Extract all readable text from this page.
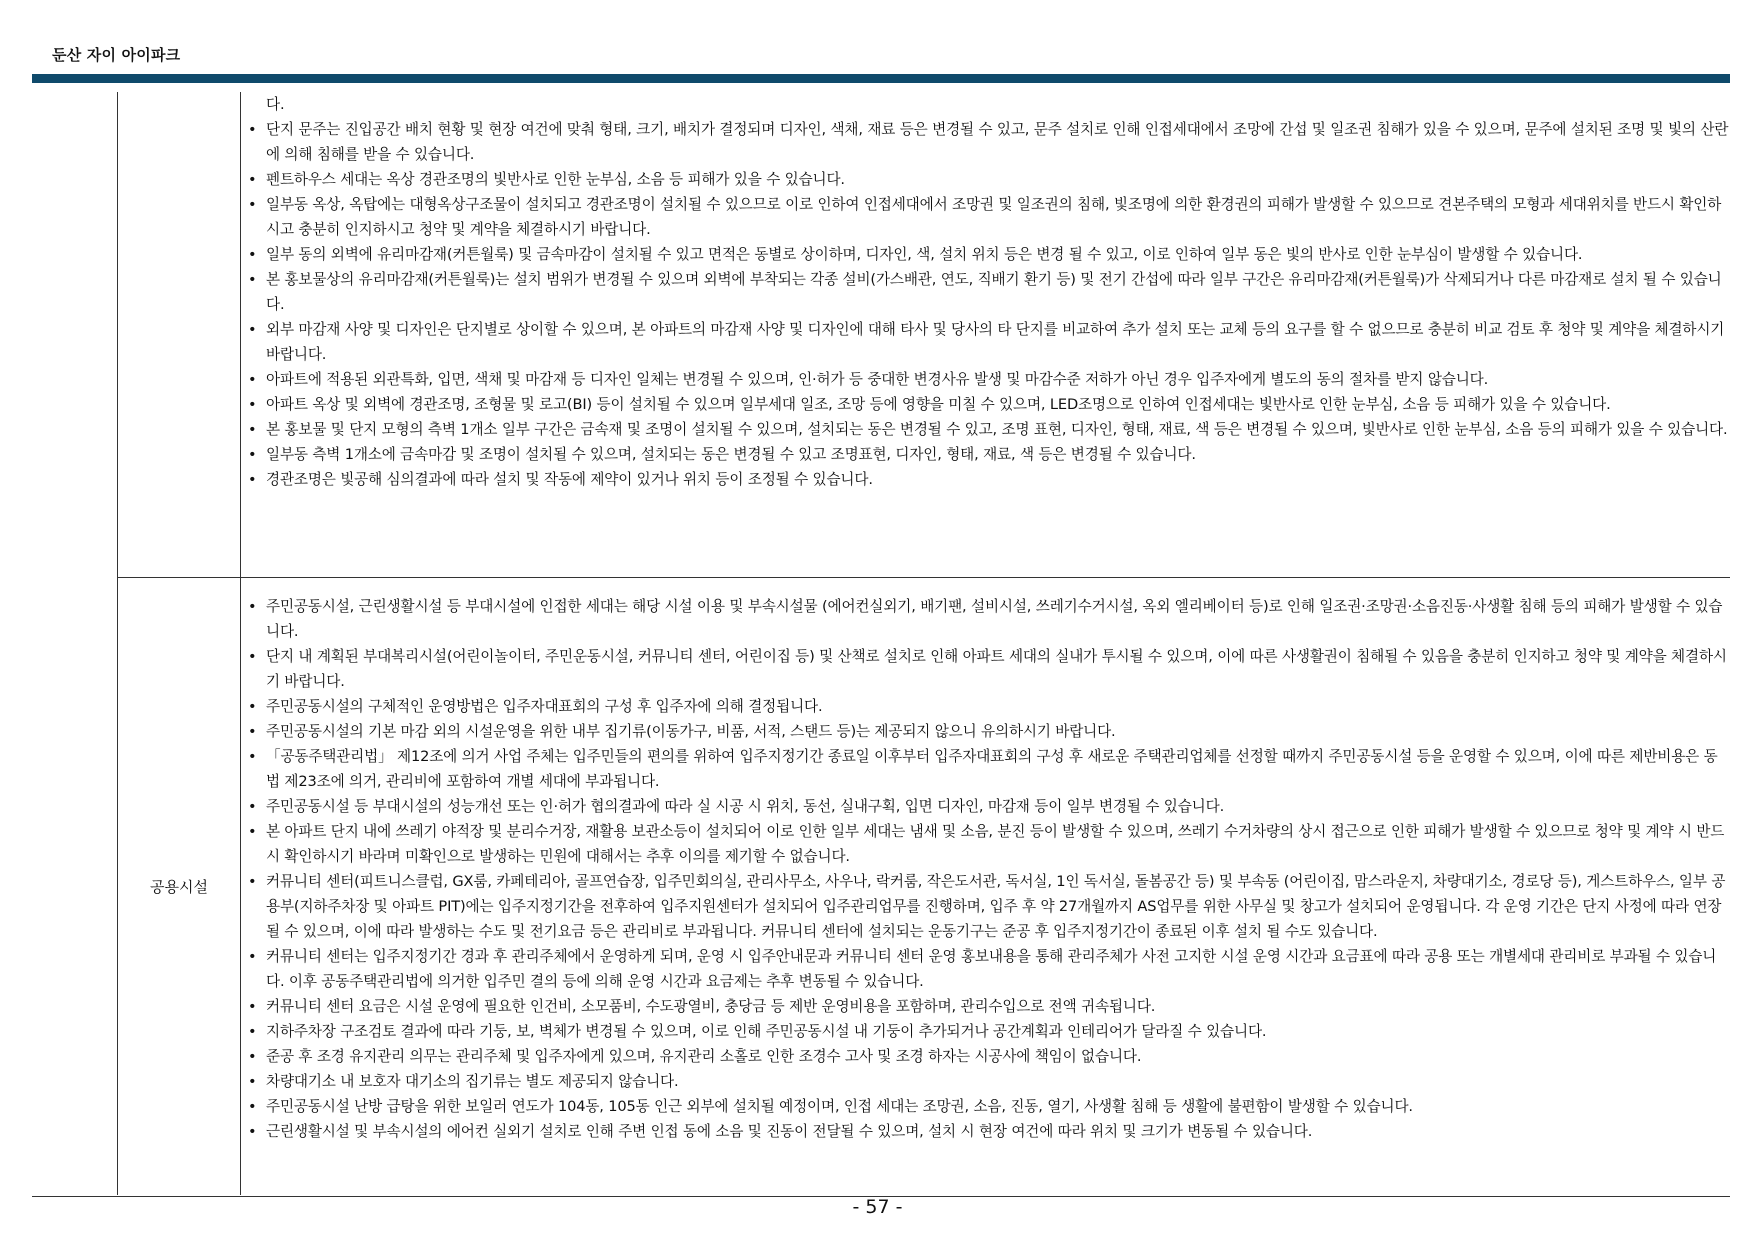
둔산 자이 아이파크
다.
• 단지 문주는 진입공간 배치 현황 및 현장 여건에 맞춰 형태, 크기, 배치가 결정되며 디자인, 색채, 재료 등은 변경될 수 있고, 문주 설치로 인해 인접세대에서 조망에 간섭 및 일조권 침해가 있을 수 있으며, 문주에 설치된 조명 및 빛의 산란에 의해 침해를 받을 수 있습니다.
• 펜트하우스 세대는 옥상 경관조명의 빛반사로 인한 눈부심, 소음 등 피해가 있을 수 있습니다.
• 일부동 옥상, 옥탑에는 대형옥상구조물이 설치되고 경관조명이 설치될 수 있으므로 이로 인하여 인접세대에서 조망권 및 일조권의 침해, 빛조명에 의한 환경권의 피해가 발생할 수 있으므로 견본주택의 모형과 세대위치를 반드시 확인하시고 충분히 인지하시고 청약 및 계약을 체결하시기 바랍니다.
• 일부 동의 외벽에 유리마감재(커튼월룩) 및 금속마감이 설치될 수 있고 면적은 동별로 상이하며, 디자인, 색, 설치 위치 등은 변경 될 수 있고, 이로 인하여 일부 동은 빛의 반사로 인한 눈부심이 발생할 수 있습니다.
• 본 홍보물상의 유리마감재(커튼월룩)는 설치 범위가 변경될 수 있으며 외벽에 부착되는 각종 설비(가스배관, 연도, 직배기 환기 등) 및 전기 간섭에 따라 일부 구간은 유리마감재(커튼월룩)가 삭제되거나 다른 마감재로 설치 될 수 있습니다.
• 외부 마감재 사양 및 디자인은 단지별로 상이할 수 있으며, 본 아파트의 마감재 사양 및 디자인에 대해 타사 및 당사의 타 단지를 비교하여 추가 설치 또는 교체 등의 요구를 할 수 없으므로 충분히 비교 검토 후 청약 및 계약을 체결하시기 바랍니다.
• 아파트에 적용된 외관특화, 입면, 색채 및 마감재 등 디자인 일체는 변경될 수 있으며, 인·허가 등 중대한 변경사유 발생 및 마감수준 저하가 아닌 경우 입주자에게 별도의 동의 절차를 받지 않습니다.
• 아파트 옥상 및 외벽에 경관조명, 조형물 및 로고(BI) 등이 설치될 수 있으며 일부세대 일조, 조망 등에 영향을 미칠 수 있으며, LED조명으로 인하여 인접세대는 빛반사로 인한 눈부심, 소음 등 피해가 있을 수 있습니다.
• 본 홍보물 및 단지 모형의 측벽 1개소 일부 구간은 금속재 및 조명이 설치될 수 있으며, 설치되는 동은 변경될 수 있고, 조명 표현, 디자인, 형태, 재료, 색 등은 변경될 수 있으며, 빛반사로 인한 눈부심, 소음 등의 피해가 있을 수 있습니다.
• 일부동 측벽 1개소에 금속마감 및 조명이 설치될 수 있으며, 설치되는 동은 변경될 수 있고 조명표현, 디자인, 형태, 재료, 색 등은 변경될 수 있습니다.
• 경관조명은 빛공해 심의결과에 따라 설치 및 작동에 제약이 있거나 위치 등이 조정될 수 있습니다.
공용시설
• 주민공동시설, 근린생활시설 등 부대시설에 인접한 세대는 해당 시설 이용 및 부속시설물 (에어컨실외기, 배기팬, 설비시설, 쓰레기수거시설, 옥외 엘리베이터 등)로 인해 일조권·조망권·소음진동·사생활 침해 등의 피해가 발생할 수 있습니다.
• 단지 내 계획된 부대복리시설(어린이놀이터, 주민운동시설, 커뮤니티 센터, 어린이집 등) 및 산책로 설치로 인해 아파트 세대의 실내가 투시될 수 있으며, 이에 따른 사생활권이 침해될 수 있음을 충분히 인지하고 청약 및 계약을 체결하시기 바랍니다.
• 주민공동시설의 구체적인 운영방법은 입주자대표회의 구성 후 입주자에 의해 결정됩니다.
• 주민공동시설의 기본 마감 외의 시설운영을 위한 내부 집기류(이동가구, 비품, 서적, 스탠드 등)는 제공되지 않으니 유의하시기 바랍니다.
• 「공동주택관리법」 제12조에 의거 사업 주체는 입주민들의 편의를 위하여 입주지정기간 종료일 이후부터 입주자대표회의 구성 후 새로운 주택관리업체를 선정할 때까지 주민공동시설 등을 운영할 수 있으며, 이에 따른 제반비용은 동법 제23조에 의거, 관리비에 포함하여 개별 세대에 부과됩니다.
• 주민공동시설 등 부대시설의 성능개선 또는 인·허가 협의결과에 따라 실 시공 시 위치, 동선, 실내구획, 입면 디자인, 마감재 등이 일부 변경될 수 있습니다.
• 본 아파트 단지 내에 쓰레기 야적장 및 분리수거장, 재활용 보관소등이 설치되어 이로 인한 일부 세대는 냄새 및 소음, 분진 등이 발생할 수 있으며, 쓰레기 수거차량의 상시 접근으로 인한 피해가 발생할 수 있으므로 청약 및 계약 시 반드시 확인하시기 바라며 미확인으로 발생하는 민원에 대해서는 추후 이의를 제기할 수 없습니다.
• 커뮤니티 센터(피트니스클럽, GX룸, 카페테리아, 골프연습장, 입주민회의실, 관리사무소, 사우나, 락커룸, 작은도서관, 독서실, 1인 독서실, 돌봄공간 등) 및 부속동 (어린이집, 맘스라운지, 차량대기소, 경로당 등), 게스트하우스, 일부 공용부(지하주차장 및 아파트 PIT)에는 입주지정기간을 전후하여 입주지원센터가 설치되어 입주관리업무를 진행하며, 입주 후 약 27개월까지 AS업무를 위한 사무실 및 창고가 설치되어 운영됩니다. 각 운영 기간은 단지 사정에 따라 연장될 수 있으며, 이에 따라 발생하는 수도 및 전기요금 등은 관리비로 부과됩니다. 커뮤니티 센터에 설치되는 운동기구는 준공 후 입주지정기간이 종료된 이후 설치 될 수도 있습니다.
• 커뮤니티 센터는 입주지정기간 경과 후 관리주체에서 운영하게 되며, 운영 시 입주안내문과 커뮤니티 센터 운영 홍보내용을 통해 관리주체가 사전 고지한 시설 운영 시간과 요금표에 따라 공용 또는 개별세대 관리비로 부과될 수 있습니다. 이후 공동주택관리법에 의거한 입주민 결의 등에 의해 운영 시간과 요금제는 추후 변동될 수 있습니다.
• 커뮤니티 센터 요금은 시설 운영에 필요한 인건비, 소모품비, 수도광열비, 충당금 등 제반 운영비용을 포함하며, 관리수입으로 전액 귀속됩니다.
• 지하주차장 구조검토 결과에 따라 기둥, 보, 벽체가 변경될 수 있으며, 이로 인해 주민공동시설 내 기둥이 추가되거나 공간계획과 인테리어가 달라질 수 있습니다.
• 준공 후 조경 유지관리 의무는 관리주체 및 입주자에게 있으며, 유지관리 소홀로 인한 조경수 고사 및 조경 하자는 시공사에 책임이 없습니다.
• 차량대기소 내 보호자 대기소의 집기류는 별도 제공되지 않습니다.
• 주민공동시설 난방 급탕을 위한 보일러 연도가 104동, 105동 인근 외부에 설치될 예정이며, 인접 세대는 조망권, 소음, 진동, 열기, 사생활 침해 등 생활에 불편함이 발생할 수 있습니다.
• 근린생활시설 및 부속시설의 에어컨 실외기 설치로 인해 주변 인접 동에 소음 및 진동이 전달될 수 있으며, 설치 시 현장 여건에 따라 위치 및 크기가 변동될 수 있습니다.
- 57 -
